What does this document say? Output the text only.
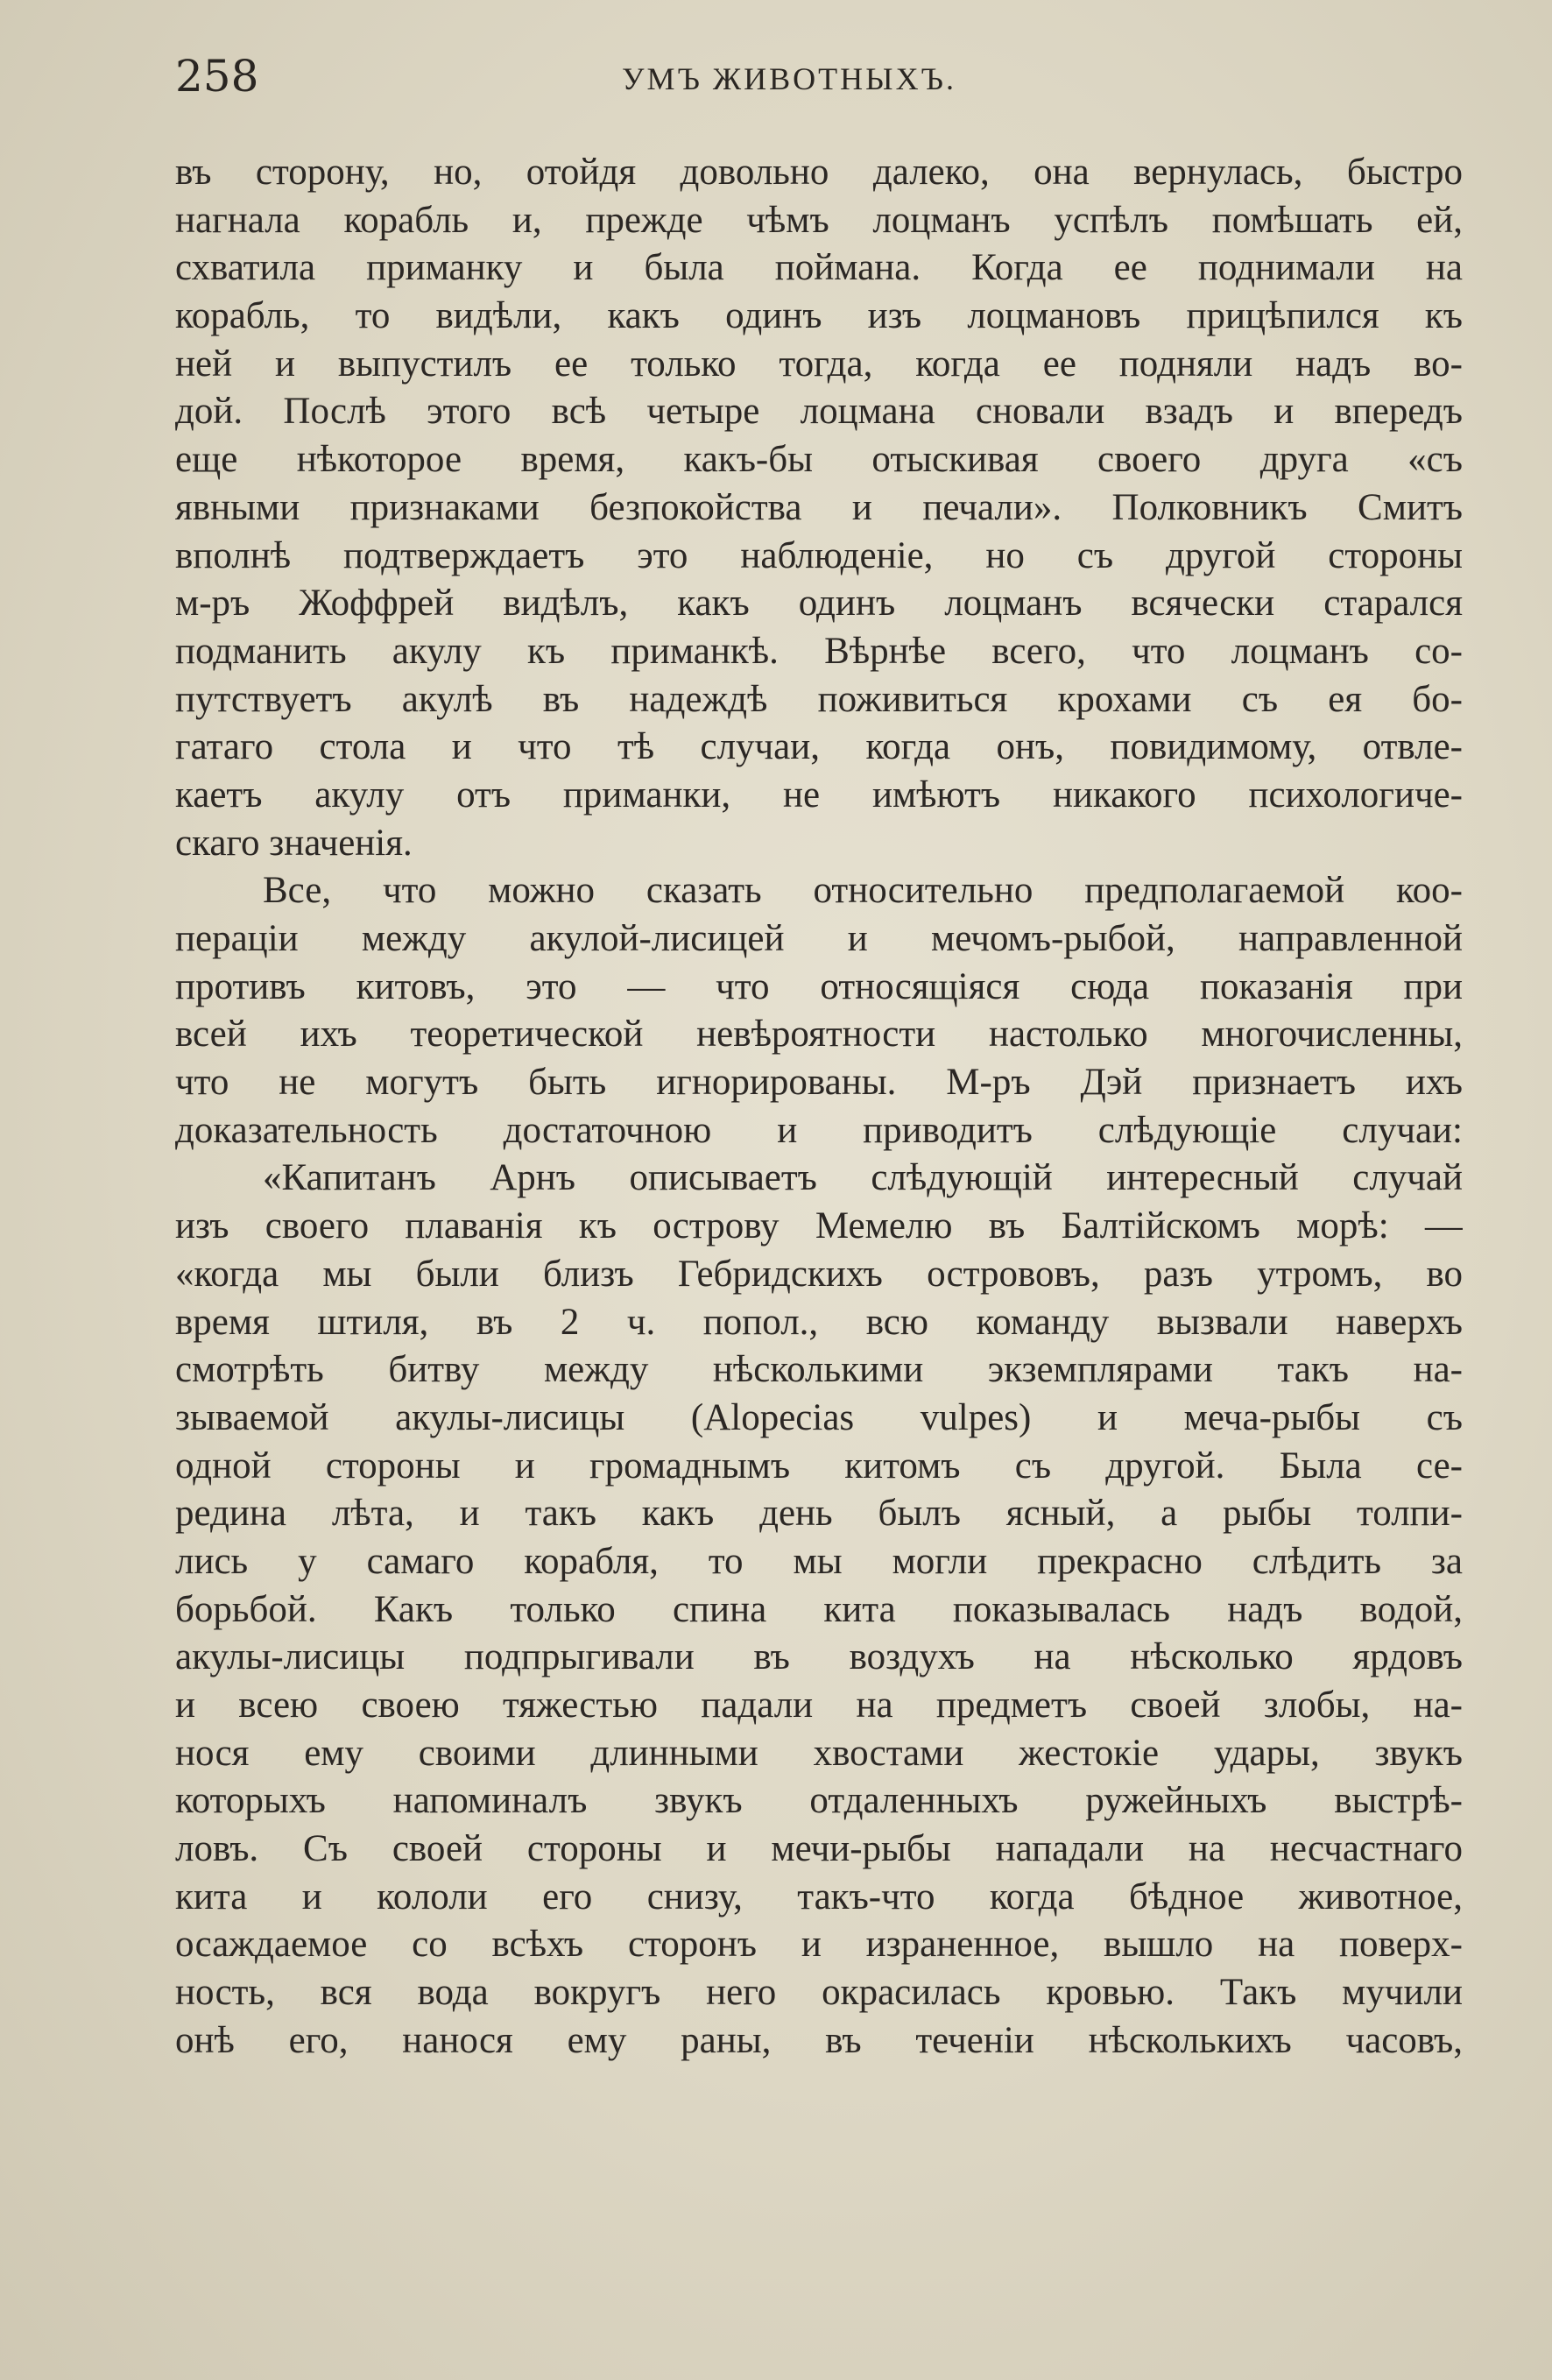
258	УМЪ ЖИВОТНЫХЪ.
въ сторону, но, отойдя довольно далеко, она вернулась, быстро
нагнала корабль и, прежде чѣмъ лоцманъ успѣлъ помѣшать ей,
схватила приманку и была поймана. Когда ее поднимали на
корабль, то видѣли, какъ одинъ изъ лоцмановъ прицѣпился къ
ней и выпустилъ ее только тогда, когда ее подняли надъ во-
дой. Послѣ этого всѣ четыре лоцмана сновали взадъ и впередъ
еще нѣкоторое время, какъ-бы отыскивая своего друга «съ
явными признаками безпокойства и печали». Полковникъ Смитъ
вполнѣ подтверждаетъ это наблюденіе, но съ другой стороны
м-ръ Жоффрей видѣлъ, какъ одинъ лоцманъ всячески старался
подманить акулу къ приманкѣ. Вѣрнѣе всего, что лоцманъ со-
путствуетъ акулѣ въ надеждѣ поживиться крохами съ ея бо-
гатаго стола и что тѣ случаи, когда онъ, повидимому, отвле-
каетъ акулу отъ приманки, не имѣютъ никакого психологиче-
скаго значенія.
Все, что можно сказать относительно предполагаемой коо-
пераціи между акулой-лисицей и мечомъ-рыбой, направленной
противъ китовъ, это — что относящіяся сюда показанія при
всей ихъ теоретической невѣроятности настолько многочисленны,
что не могутъ быть игнорированы. М-ръ Дэй признаетъ ихъ
доказательность достаточною и приводитъ слѣдующіе случаи:
«Капитанъ Арнъ описываетъ слѣдующій интересный случай
изъ своего плаванія къ острову Мемелю въ Балтійскомъ морѣ: —
«когда мы были близъ Гебридскихъ острововъ, разъ утромъ, во
время штиля, въ 2 ч. попол., всю команду вызвали наверхъ
смотрѣть битву между нѣсколькими экземплярами такъ на-
зываемой акулы-лисицы (Alopecias vulpes) и меча-рыбы съ
одной стороны и громаднымъ китомъ съ другой. Была се-
редина лѣта, и такъ какъ день былъ ясный, а рыбы толпи-
лись у самаго корабля, то мы могли прекрасно слѣдить за
борьбой. Какъ только спина кита показывалась надъ водой,
акулы-лисицы подпрыгивали въ воздухъ на нѣсколько ярдовъ
и всею своею тяжестью падали на предметъ своей злобы, на-
нося ему своими длинными хвостами жестокіе удары, звукъ
которыхъ напоминалъ звукъ отдаленныхъ ружейныхъ выстрѣ-
ловъ. Съ своей стороны и мечи-рыбы нападали на несчастнаго
кита и кололи его снизу, такъ-что когда бѣдное животное,
осаждаемое со всѣхъ сторонъ и израненное, вышло на поверх-
ность, вся вода вокругъ него окрасилась кровью. Такъ мучили
онѣ его, нанося ему раны, въ теченіи нѣсколькихъ часовъ,
